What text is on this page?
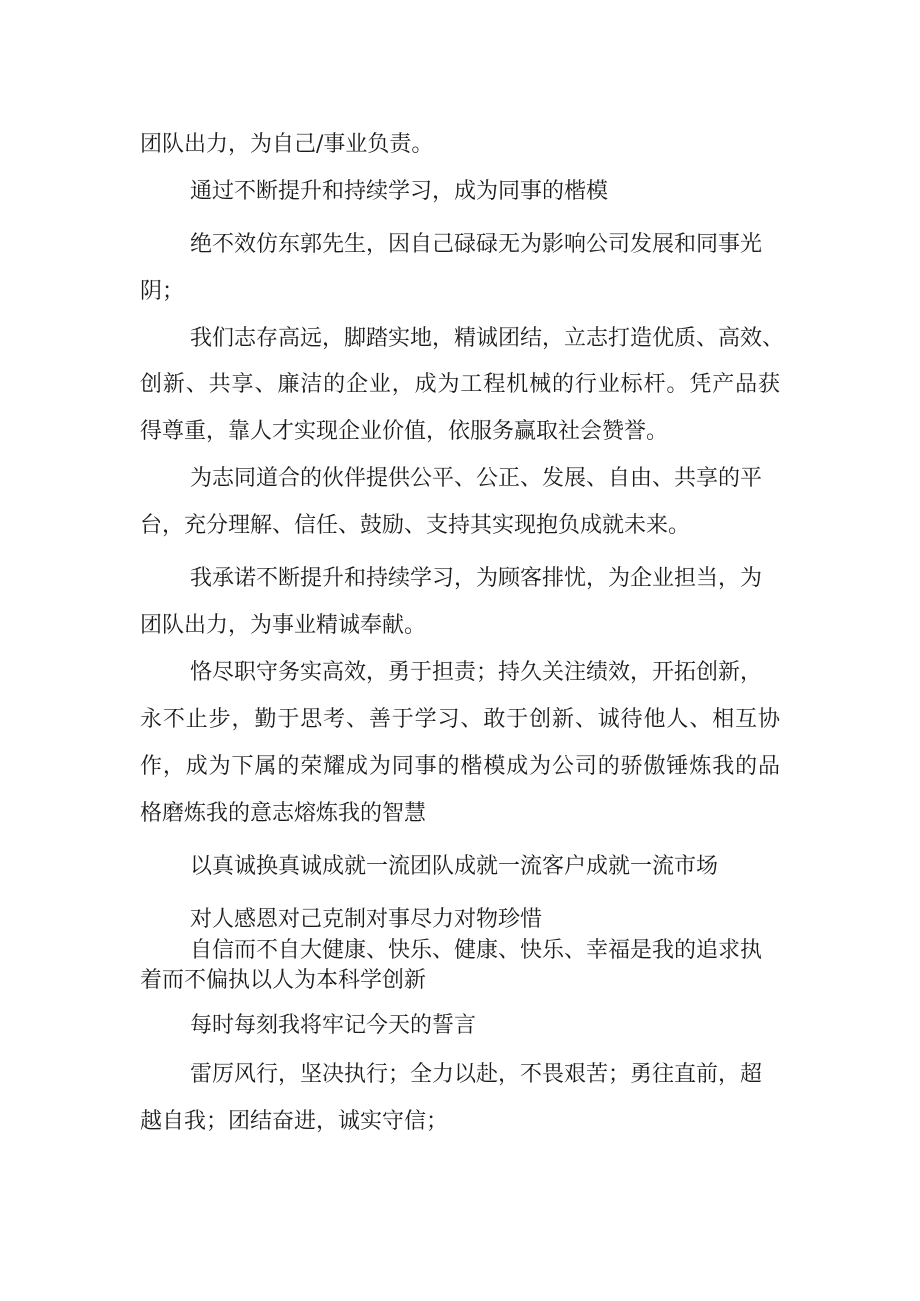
团队出力，为自己/事业负责。

通过不断提升和持续学习，成为同事的楷模

绝不效仿东郭先生，因自己碌碌无为影响公司发展和同事光

阴；

我们志存高远，脚踏实地，精诚团结，立志打造优质、高效、

创新、共享、廉洁的企业，成为工程机械的行业标杆。凭产品获

得尊重，靠人才实现企业价值，依服务赢取社会赞誉。

为志同道合的伙伴提供公平、公正、发展、自由、共享的平

台，充分理解、信任、鼓励、支持其实现抱负成就未来。

我承诺不断提升和持续学习，为顾客排忧，为企业担当，为

团队出力，为事业精诚奉献。

恪尽职守务实高效，勇于担责；持久关注绩效，开拓创新，

永不止步，勤于思考、善于学习、敢于创新、诚待他人、相互协

作，成为下属的荣耀成为同事的楷模成为公司的骄傲锤炼我的品

格磨炼我的意志熔炼我的智慧

以真诚换真诚成就一流团队成就一流客户成就一流市场

对人感恩对己克制对事尽力对物珍惜

自信而不自大健康、快乐、健康、快乐、幸福是我的追求执

着而不偏执以人为本科学创新

每时每刻我将牢记今天的誓言

雷厉风行，坚决执行；全力以赴，不畏艰苦；勇往直前，超

越自我；团结奋进，诚实守信；
